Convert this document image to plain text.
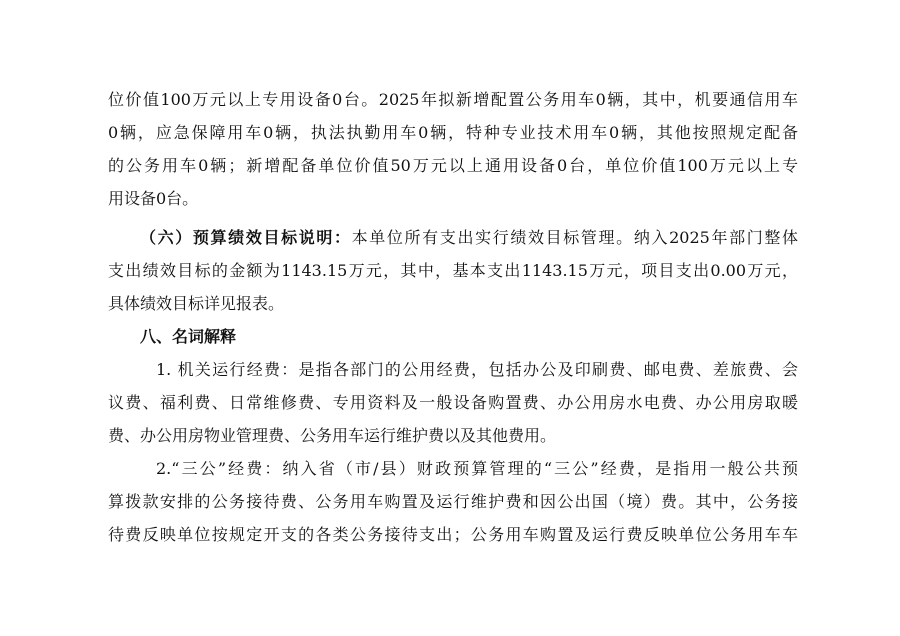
位价值100万元以上专用设备0台。2025年拟新增配置公务用车0辆，其中，机要通信用车
0辆，应急保障用车0辆，执法执勤用车0辆，特种专业技术用车0辆，其他按照规定配备
的公务用车0辆；新增配备单位价值50万元以上通用设备0台，单位价值100万元以上专
用设备0台。
（六）预算绩效目标说明：本单位所有支出实行绩效目标管理。纳入2025年部门整体
支出绩效目标的金额为1143.15万元，其中，基本支出1143.15万元，项目支出0.00万元，
具体绩效目标详见报表。
八、名词解释
1. 机关运行经费：是指各部门的公用经费，包括办公及印刷费、邮电费、差旅费、会
议费、福利费、日常维修费、专用资料及一般设备购置费、办公用房水电费、办公用房取暖
费、办公用房物业管理费、公务用车运行维护费以及其他费用。
2.“三公”经费：纳入省（市/县）财政预算管理的“三公”经费，是指用一般公共预
算拨款安排的公务接待费、公务用车购置及运行维护费和因公出国（境）费。其中，公务接
待费反映单位按规定开支的各类公务接待支出；公务用车购置及运行费反映单位公务用车车
